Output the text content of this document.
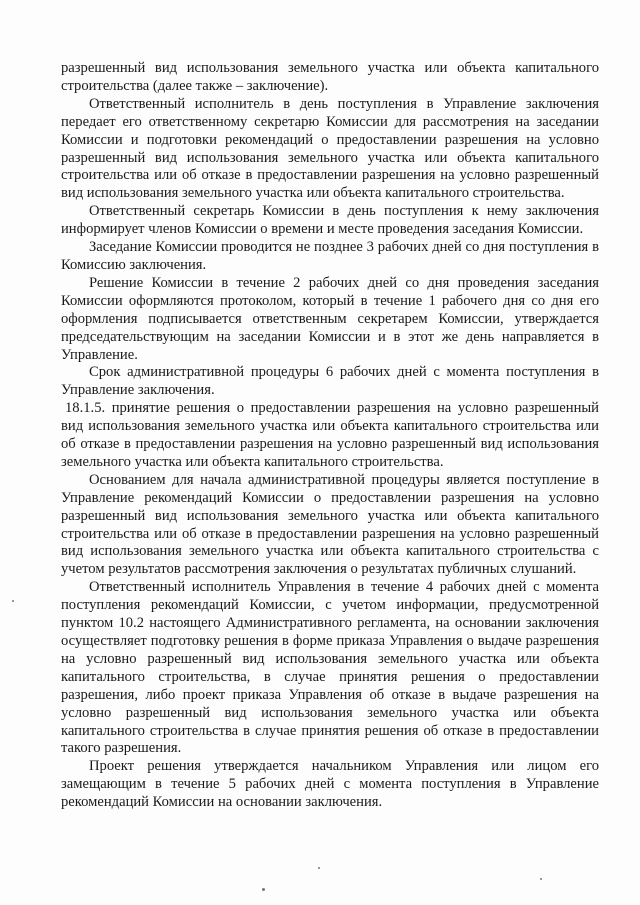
разрешенный вид использования земельного участка или объекта капитального строительства (далее также – заключение).

Ответственный исполнитель в день поступления в Управление заключения передает его ответственному секретарю Комиссии для рассмотрения на заседании Комиссии и подготовки рекомендаций о предоставлении разрешения на условно разрешенный вид использования земельного участка или объекта капитального строительства или об отказе в предоставлении разрешения на условно разрешенный вид использования земельного участка или объекта капитального строительства.

Ответственный секретарь Комиссии в день поступления к нему заключения информирует членов Комиссии о времени и месте проведения заседания Комиссии.

Заседание Комиссии проводится не позднее 3 рабочих дней со дня поступления в Комиссию заключения.

Решение Комиссии в течение 2 рабочих дней со дня проведения заседания Комиссии оформляются протоколом, который в течение 1 рабочего дня со дня его оформления подписывается ответственным секретарем Комиссии, утверждается председательствующим на заседании Комиссии и в этот же день направляется в Управление.

Срок административной процедуры 6 рабочих дней с момента поступления в Управление заключения.

18.1.5. принятие решения о предоставлении разрешения на условно разрешенный вид использования земельного участка или объекта капитального строительства или об отказе в предоставлении разрешения на условно разрешенный вид использования земельного участка или объекта капитального строительства.

Основанием для начала административной процедуры является поступление в Управление рекомендаций Комиссии о предоставлении разрешения на условно разрешенный вид использования земельного участка или объекта капитального строительства или об отказе в предоставлении разрешения на условно разрешенный вид использования земельного участка или объекта капитального строительства с учетом результатов рассмотрения заключения о результатах публичных слушаний.

Ответственный исполнитель Управления в течение 4 рабочих дней с момента поступления рекомендаций Комиссии, с учетом информации, предусмотренной пунктом 10.2 настоящего Административного регламента, на основании заключения осуществляет подготовку решения в форме приказа Управления о выдаче разрешения на условно разрешенный вид использования земельного участка или объекта капитального строительства, в случае принятия решения о предоставлении разрешения, либо проект приказа Управления об отказе в выдаче разрешения на условно разрешенный вид использования земельного участка или объекта капитального строительства в случае принятия решения об отказе в предоставлении такого разрешения.

Проект решения утверждается начальником Управления или лицом его замещающим в течение 5 рабочих дней с момента поступления в Управление рекомендаций Комиссии на основании заключения.
